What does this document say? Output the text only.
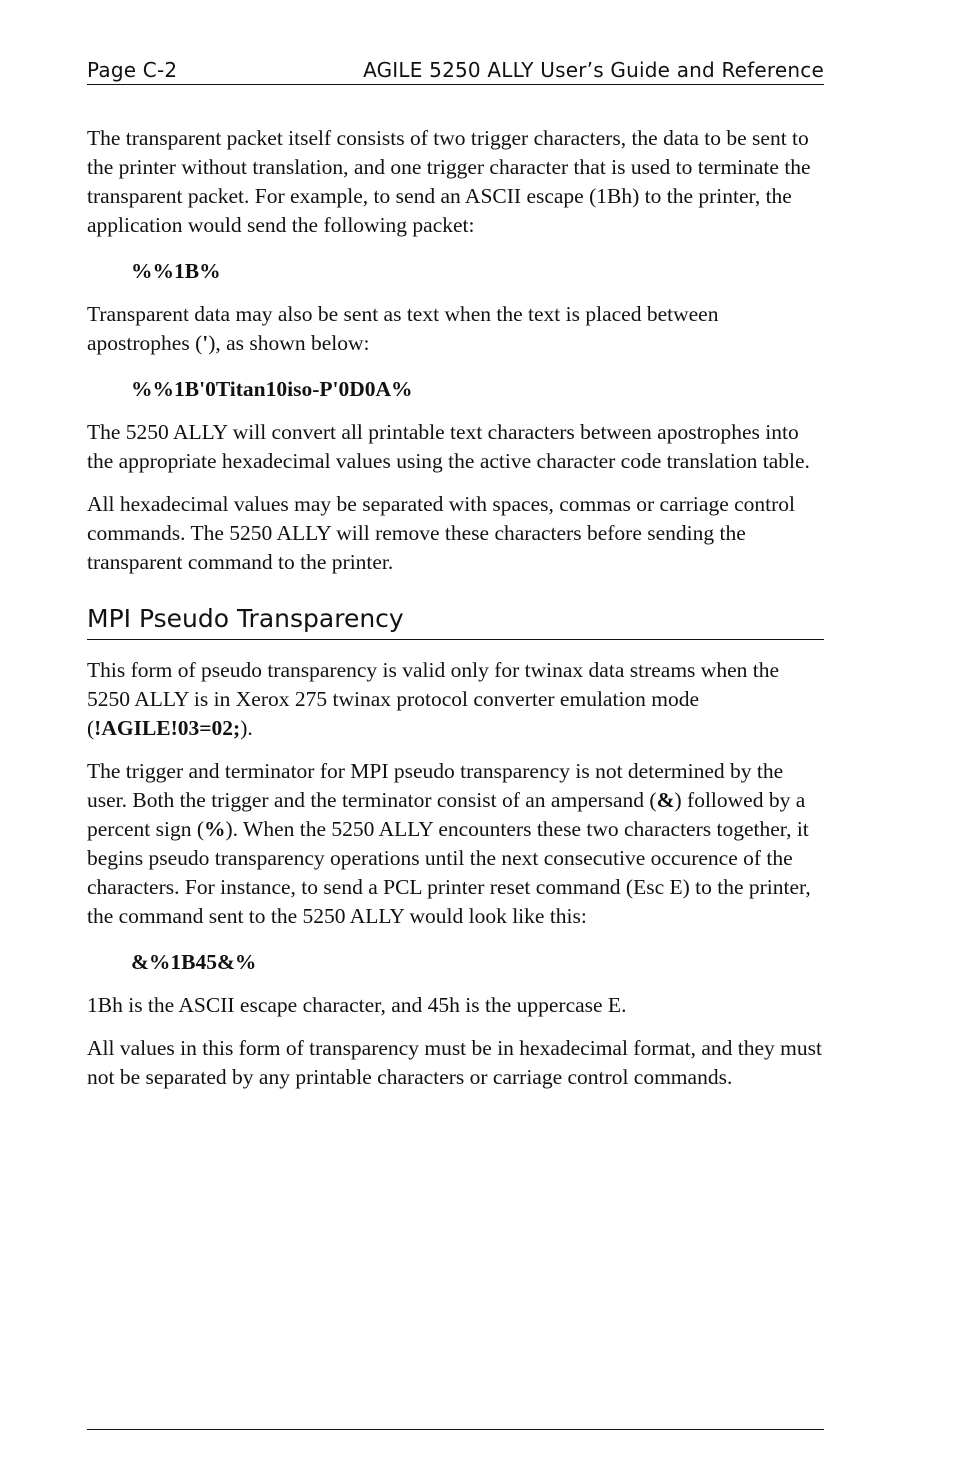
Page C-2	AGILE 5250 ALLY User’s Guide and Reference

The transparent packet itself consists of two trigger characters, the data to be sent to the printer without translation, and one trigger character that is used to terminate the transparent packet. For example, to send an ASCII escape (1Bh) to the printer, the application would send the following packet:

%%1B%

Transparent data may also be sent as text when the text is placed between apostrophes ('), as shown below:

%%1B'0Titan10iso-P'0D0A%

The 5250 ALLY will convert all printable text characters between apostrophes into the appropriate hexadecimal values using the active character code translation table.

All hexadecimal values may be separated with spaces, commas or carriage control commands. The 5250 ALLY will remove these characters before sending the transparent command to the printer.

MPI Pseudo Transparency

This form of pseudo transparency is valid only for twinax data streams when the 5250 ALLY is in Xerox 275 twinax protocol converter emulation mode (!AGILE!03=02;).

The trigger and terminator for MPI pseudo transparency is not determined by the user. Both the trigger and the terminator consist of an ampersand (&) followed by a percent sign (%). When the 5250 ALLY encounters these two characters together, it begins pseudo transparency operations until the next consecutive occurence of the characters. For instance, to send a PCL printer reset command (Esc E) to the printer, the command sent to the 5250 ALLY would look like this:

&%1B45&%

1Bh is the ASCII escape character, and 45h is the uppercase E.

All values in this form of transparency must be in hexadecimal format, and they must not be separated by any printable characters or carriage control commands.
